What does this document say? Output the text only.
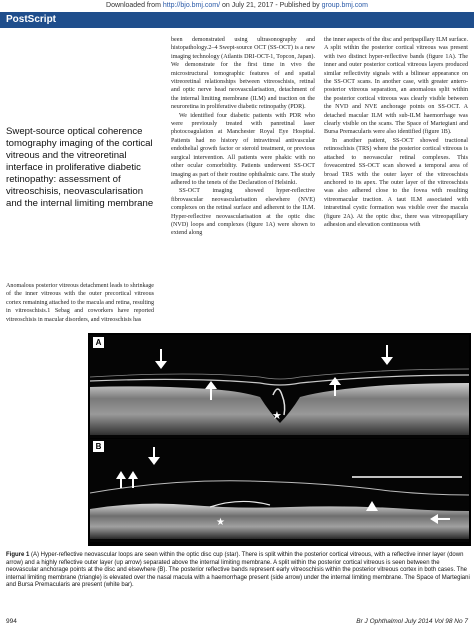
Downloaded from http://bjo.bmj.com/ on July 21, 2017 - Published by group.bmj.com
PostScript
Swept-source optical coherence tomography imaging of the cortical vitreous and the vitreoretinal interface in proliferative diabetic retinopathy: assessment of vitreoschisis, neovascularisation and the internal limiting membrane

Anomalous posterior vitreous detachment leads to shrinkage of the inner vitreous with the outer precortical vitreous cortex remaining attached to the macula and retina, resulting in vitreoschisis.1 Sebag and coworkers have reported vitreoschisis in macular disorders, and vitreoschisis has

been demonstrated using ultrasonography and histopathology.2–4 Swept-source OCT (SS-OCT) is a new imaging technology (Atlantis DRI-OCT-1, Topcon, Japan). We demonstrate for the first time in vivo the microstructural tomographic features of and spatial vitreoretinal relationships between vitreoschisis, retinal and optic nerve head neovascularisation, detachment of the internal limiting membrane (ILM) and traction on the neuroretina in proliferative diabetic retinopathy (PDR).

We identified four diabetic patients with PDR who were previously treated with panretinal laser photocoagulation at Manchester Royal Eye Hospital. Patients had no history of intravitreal antivascular endothelial growth factor or steroid treatment, or previous surgical intervention. All patients were phakic with no other ocular comorbidity. Patients underwent SS-OCT imaging as part of their routine ophthalmic care. The study adhered to the tenets of the Declaration of Helsinki.

SS-OCT imaging showed hyper-reflective fibrovascular neovascularisation elsewhere (NVE) complexes on the retinal surface and adherent to the ILM. Hyper-reflective neovascularisation at the optic disc (NVD) loops and complexes (figure 1A) were shown to extend along

the inner aspects of the disc and peripapillary ILM surface. A split within the posterior cortical vitreous was present with two distinct hyper-reflective bands (figure 1A). The inner and outer posterior cortical vitreous layers produced similar reflectivity signals with a bilinear appearance on the SS-OCT scans. In another case, with greater antero-posterior vitreous separation, an anomalous split within the posterior cortical vitreous was clearly visible between the NVD and NVE anchorage points on SS-OCT. A detached macular ILM with sub-ILM haemorrhage was clearly visible on the scans. The Space of Martegiani and Bursa Premacularis were also identified (figure 1B).

In another patient, SS-OCT showed tractional retinoschisis (TRS) where the posterior cortical vitreous is attached to neovascular retinal complexes. This foveacentred SS-OCT scan showed a temporal area of broad TRS with the outer layer of the vitreoschisis anchored to its apex. The outer layer of the vitreoschisis was also adhered close to the fovea with resulting vitreomacular traction. A taut ILM associated with intraretinal cystic formation was visible over the macula (figure 2A). At the optic disc, there was vitreopapillary adhesion and elevation continuous with

★
A
★
B
Figure 1 (A) Hyper-reflective neovascular loops are seen within the optic disc cup (star). There is split within the posterior cortical vitreous, with a reflective inner layer (down arrow) and a highly reflective outer layer (up arrow) separated above the internal limiting membrane. A split within the posterior cortical vitreous is seen between the neovascular anchorage points at the disc and elsewhere (B). The posterior reflective bands represent early vitreoschisis within the posterior vitreous cortex in both cases. The internal limiting membrane (triangle) is elevated over the nasal macula with a haemorrhage present (side arrow) under the internal limiting membrane. The Space of Martegiani and Bursa Premacularis are present (white bar).
994	Br J Ophthalmol July 2014 Vol 98 No 7
